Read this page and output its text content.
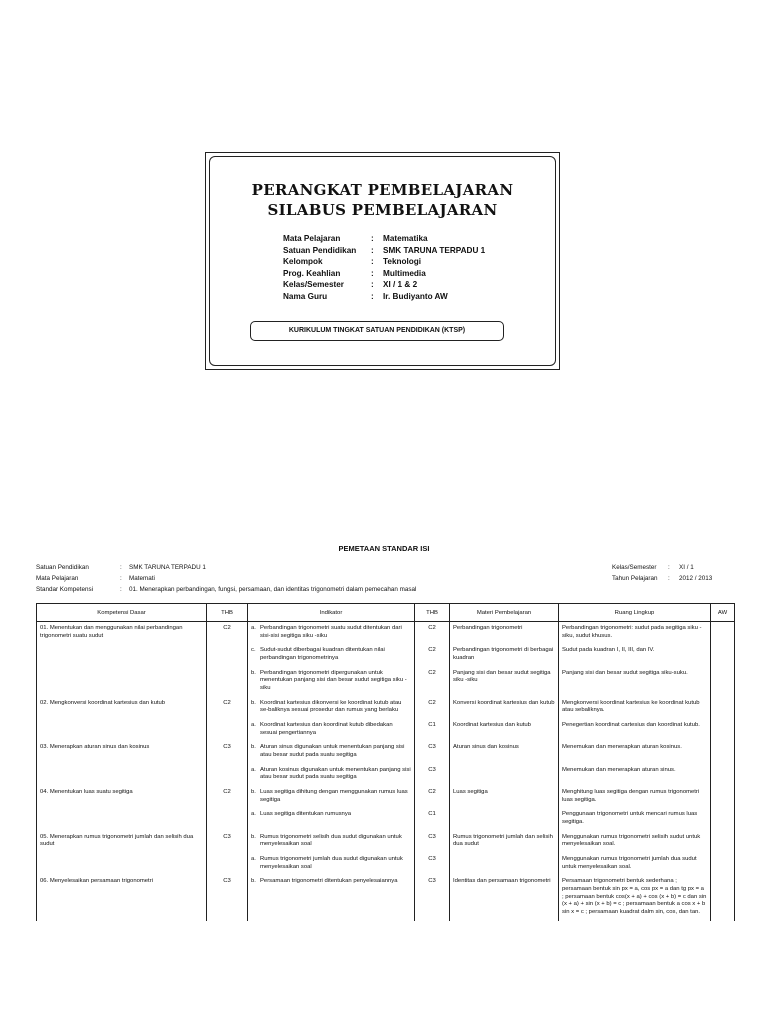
PERANGKAT PEMBELAJARAN
SILABUS PEMBELAJARAN
Mata Pelajaran	:	Matematika
Satuan Pendidikan	:	SMK TARUNA TERPADU 1
Kelompok	:	Teknologi
Prog. Keahlian	:	Multimedia
Kelas/Semester	:	XI / 1 & 2
Nama Guru	:	Ir. Budiyanto AW
KURIKULUM TINGKAT SATUAN PENDIDIKAN (KTSP)
PEMETAAN STANDAR ISI
Satuan Pendidikan	:	SMK TARUNA TERPADU 1
Mata Pelajaran	:	Matemati
Standar Kompetensi	:	01. Menerapkan perbandingan, fungsi, persamaan, dan identitas trigonometri dalam pemecahan masal
Kelas/Semester	:	XI / 1
Tahun Pelajaran	:	2012 / 2013
Kompetensi Dasar	THB	Indikator	THB	Materi Pembelajaran	Ruang Lingkup	AW
01. Menentukan dan menggunakan nilai perbandingan trigonometri suatu sudut	C2	a. Perbandingan trigonometri suatu sudut ditentukan dari sisi-sisi segitiga siku -siku	C2	Perbandingan trigonometri	Perbandingan trigonometri: sudut pada segitiga siku -siku, sudut khusus.	

		c. Sudut-sudut diberbagai kuadran ditentukan nilai perbandingan trigonometrinya	C2	Perbandingan trigonometri di berbagai kuadran	Sudut pada kuadran I, II, III, dan IV.	

		b. Perbandingan trigonometri dipergunakan untuk menentukan panjang sisi dan besar sudut segitiga siku -siku	C2	Panjang sisi dan besar sudut segitiga siku -siku	Panjang sisi dan besar sudut segitiga siku-suku.	
02. Mengkonversi koordinat kartesius dan kutub	C2	b. Koordinat kartesius dikonversi ke koordinat kutub atau se-baliknya sesuai prosedur dan rumus yang berlaku	C2	Konversi koordinat kartesius dan kutub	Mengkonversi koordinat kartesius ke koordinat kutub atau sebaliknya.	

		a. Koordinat kartesius dan koordinat kutub dibedakan sesuai pengertiannya	C1	Koordinat kartesius dan kutub	Penegertian koordinat cartesius dan koordinat kutub.	
03. Menerapkan aturan sinus dan kosinus	C3	b. Aturan sinus digunakan untuk menentukan panjang sisi atau besar sudut pada suatu segitiga	C3	Aturan sinus dan kosinus	Menemukan dan menerapkan aturan kosinus.	

		a. Aturan kosinus digunakan untuk menentukan panjang sisi atau besar sudut pada suatu segitiga	C3		Menemukan dan menerapkan aturan sinus.	
04. Menentukan luas suatu segitiga	C2	b. Luas segitiga dihitung dengan menggunakan rumus luas segitiga	C2	Luas segitiga	Menghitung luas segitiga dengan rumus trigonometri luas segitiga.	

		a. Luas segitiga ditentukan rumusnya	C1		Penggunaan trigonometri untuk mencari rumus luas segitiga.	
05. Menerapkan rumus trigonometri jumlah dan selisih dua sudut	C3	b. Rumus trigonometri selisih dua sudut digunakan untuk menyelesaikan soal	C3	Rumus trigonometri jumlah dan selisih dua sudut	Menggunakan rumus trigonometri selisih sudut untuk menyelesaikan soal.	

		a. Rumus trigonometri jumlah dua sudut digunakan untuk menyelesaikan soal	C3		Menggunakan rumus trigonometri jumlah dua sudut untuk menyelesaikan soal.	
06. Menyelesaikan persamaan trigonometri	C3	b. Persamaan trigonometri ditentukan penyelesaiannya	C3	Identitas dan persamaan trigonometri	Persamaan trigonometri bentuk sederhana ; persamaan bentuk sin px = a, cos px = a dan tg px = a ; persamaan bentuk cos(x + a) + cos (x + b) = c dan sin (x + a) + sin (x + b) = c ; persamaan bentuk a cos x + b sin x = c ; persamaan kuadrat dalm sin, cos, dan tan.	
